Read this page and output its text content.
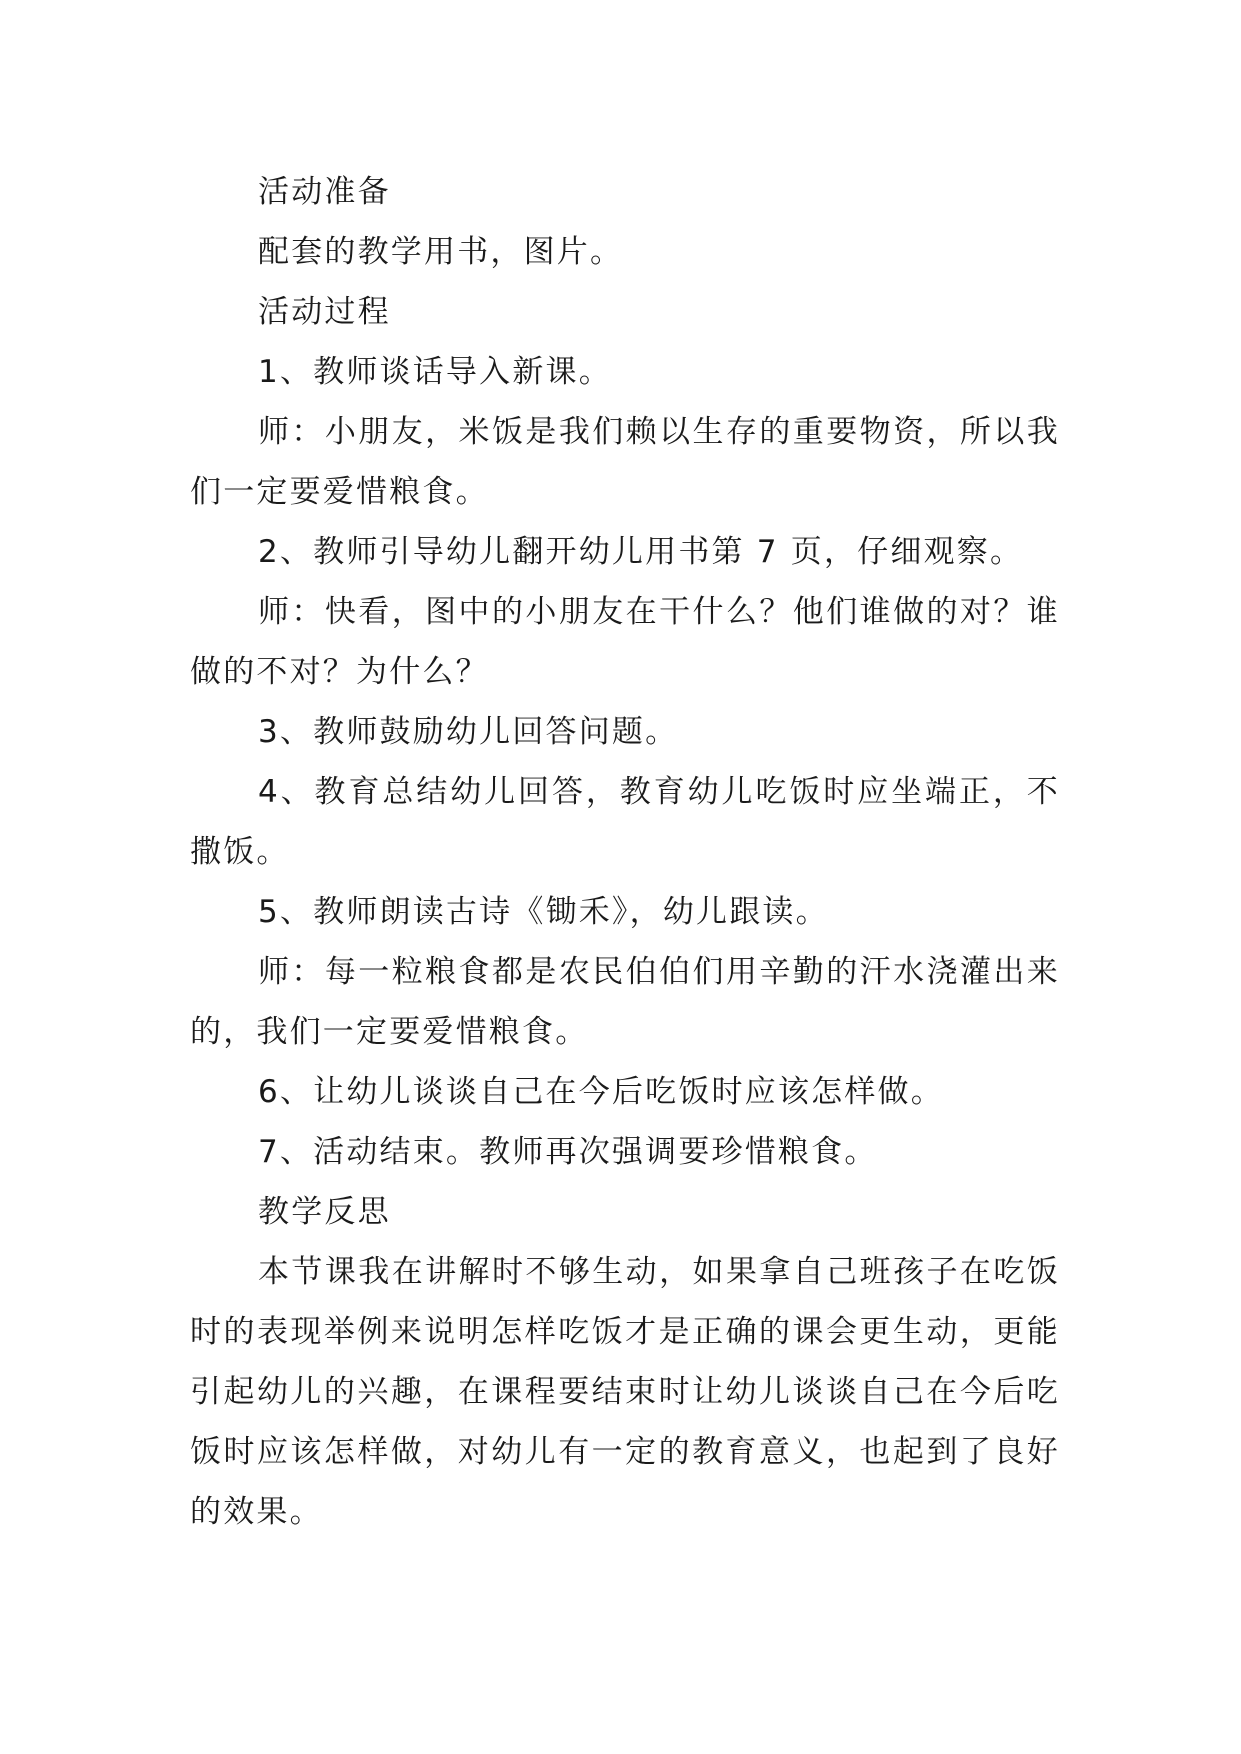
活动准备

配套的教学用书，图片。

活动过程

1、教师谈话导入新课。

师：小朋友，米饭是我们赖以生存的重要物资，所以我们一定要爱惜粮食。

2、教师引导幼儿翻开幼儿用书第 7 页，仔细观察。

师：快看，图中的小朋友在干什么？他们谁做的对？谁做的不对？为什么？

3、教师鼓励幼儿回答问题。

4、教育总结幼儿回答，教育幼儿吃饭时应坐端正，不撒饭。

5、教师朗读古诗《锄禾》，幼儿跟读。

师：每一粒粮食都是农民伯伯们用辛勤的汗水浇灌出来的，我们一定要爱惜粮食。

6、让幼儿谈谈自己在今后吃饭时应该怎样做。

7、活动结束。教师再次强调要珍惜粮食。

教学反思

本节课我在讲解时不够生动，如果拿自己班孩子在吃饭时的表现举例来说明怎样吃饭才是正确的课会更生动，更能引起幼儿的兴趣，在课程要结束时让幼儿谈谈自己在今后吃饭时应该怎样做，对幼儿有一定的教育意义，也起到了良好的效果。
